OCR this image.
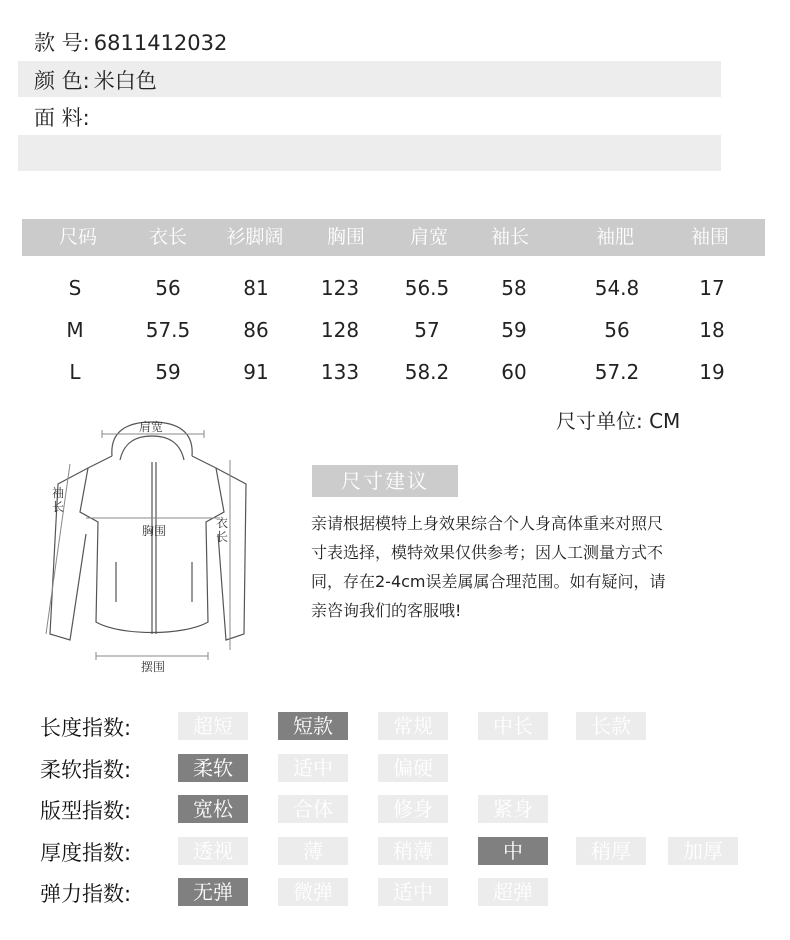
款 号: 6811412032
颜 色: 米白色
面 料:
尺码	衣长	衫脚阔	胸围	肩宽	袖长	袖肥	袖围
S	56	81	123	56.5	58	54.8	17
M	57.5	86	128	57	59	56	18
L	59	91	133	58.2	60	57.2	19
尺寸单位: CM
肩宽
袖长
胸围
衣长
摆围
尺寸建议
亲请根据模特上身效果综合个人身高体重来对照尺
寸表选择，模特效果仅供参考；因人工测量方式不
同，存在2-4cm误差属属合理范围。如有疑问，请
亲咨询我们的客服哦!
长度指数:	超短	短款	常规	中长	长款
柔软指数:	柔软	适中	偏硬
版型指数:	宽松	合体	修身	紧身
厚度指数:	透视	薄	稍薄	中	稍厚	加厚
弹力指数:	无弹	微弹	适中	超弹
